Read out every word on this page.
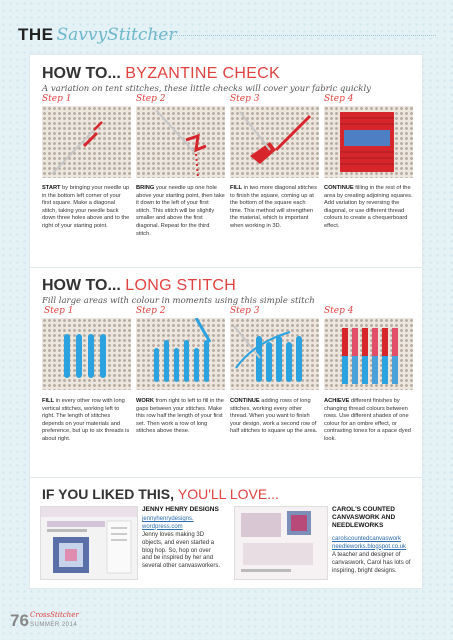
THE SavvyStitcher
HOW TO... BYZANTINE CHECK
A variation on tent stitches, these little checks will cover your fabric quickly
Step 1	Step 2	Step 3	Step 4
START by bringing your needle up in the bottom left corner of your first square. Make a diagonal stitch, taking your needle back down three holes above and to the right of your starting point.
BRING your needle up one hole above your starting point, then take it down to the left of your first stitch. This stitch will be slightly smaller and above the first diagonal. Repeat for the third stitch.
FILL in two more diagonal stitches to finish the square, coming up at the bottom of the square each time. This method will strengthen the material, which is important when working in 3D.
CONTINUE filling in the rest of the area by creating adjoining squares. Add variation by reversing the diagonal, or use different thread colours to create a chequerboard effect.
HOW TO... LONG STITCH
Fill large areas with colour in moments using this simple stitch
Step 1	Step 2	Step 3	Step 4
FILL in every other row with long vertical stitches, working left to right. The length of stitches depends on your materials and preference, but up to six threads is about right.
WORK from right to left to fill in the gaps between your stitches. Make this row half the length of your first set. Then work a row of long stitches above these.
CONTINUE adding rows of long stitches, working every other thread. When you want to finish your design, work a second row of half stitches to square up the area.
ACHIEVE different finishes by changing thread colours between rows. Use different shades of one colour for an ombre effect, or contrasting tones for a space dyed look.
IF YOU LIKED THIS, YOU'LL LOVE...
JENNY HENRY DESIGNS
jennyhenrydesigns. wordpress.com
Jenny loves making 3D objects, and even started a blog hop. So, hop on over and be inspired by her and several other canvasworkers.
CAROL'S COUNTED CANVASWORK AND NEEDLEWORKS
carolscountedcanvaswork needleworks.blogspot.co.uk
A teacher and designer of canvaswork, Carol has lots of inspiring, bright designs.
76 CrossStitcher
SUMMER 2014
